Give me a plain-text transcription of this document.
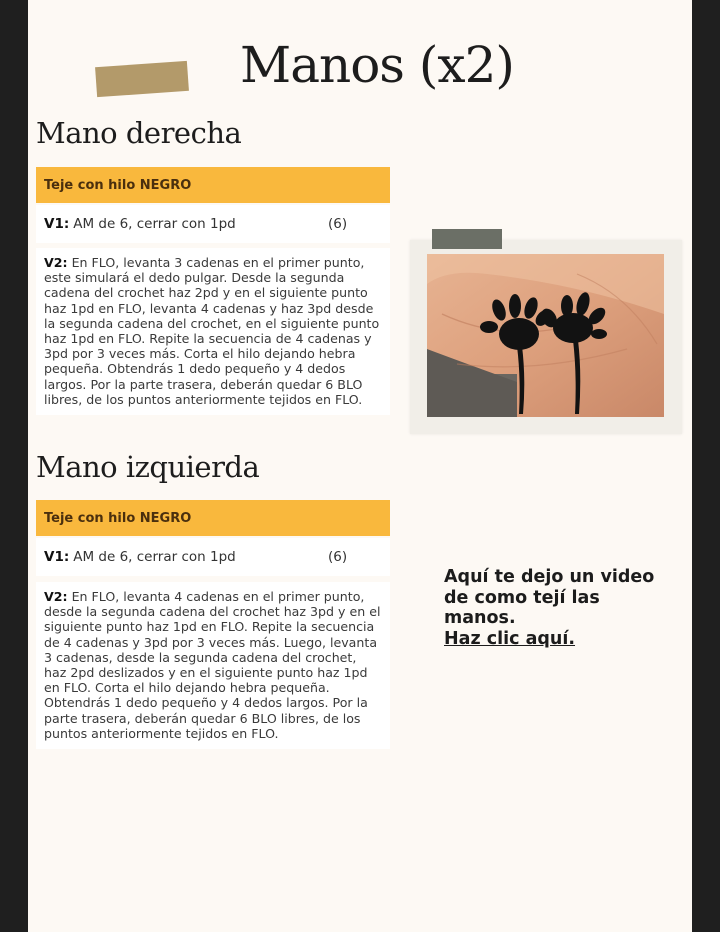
Manos (x2)
Mano derecha
Teje con hilo NEGRO
V1: AM de 6, cerrar con 1pd	(6)
V2: En FLO, levanta 3 cadenas en el primer punto, este simulará el dedo pulgar. Desde la segunda cadena del crochet haz 2pd y en el siguiente punto haz 1pd en FLO, levanta 4 cadenas y haz 3pd desde la segunda cadena del crochet, en el siguiente punto haz 1pd en FLO. Repite la secuencia de 4 cadenas y 3pd por 3 veces más. Corta el hilo dejando hebra pequeña. Obtendrás 1 dedo pequeño y 4 dedos largos. Por la parte trasera, deberán quedar 6 BLO libres, de los puntos anteriormente tejidos en FLO.
Mano izquierda
Teje con hilo NEGRO
V1: AM de 6, cerrar con 1pd	(6)
V2: En FLO, levanta 4 cadenas en el primer punto, desde la segunda cadena del crochet haz 3pd y en el siguiente punto haz 1pd en FLO. Repite la secuencia de 4 cadenas y 3pd por 3 veces más. Luego, levanta 3 cadenas, desde la segunda cadena del crochet, haz 2pd deslizados y en el siguiente punto haz 1pd en FLO. Corta el hilo dejando hebra pequeña. Obtendrás 1 dedo pequeño y 4 dedos largos. Por la parte trasera, deberán quedar 6 BLO libres, de los puntos anteriormente tejidos en FLO.
Aquí te dejo un video de como tejí las manos.
Haz clic aquí.
